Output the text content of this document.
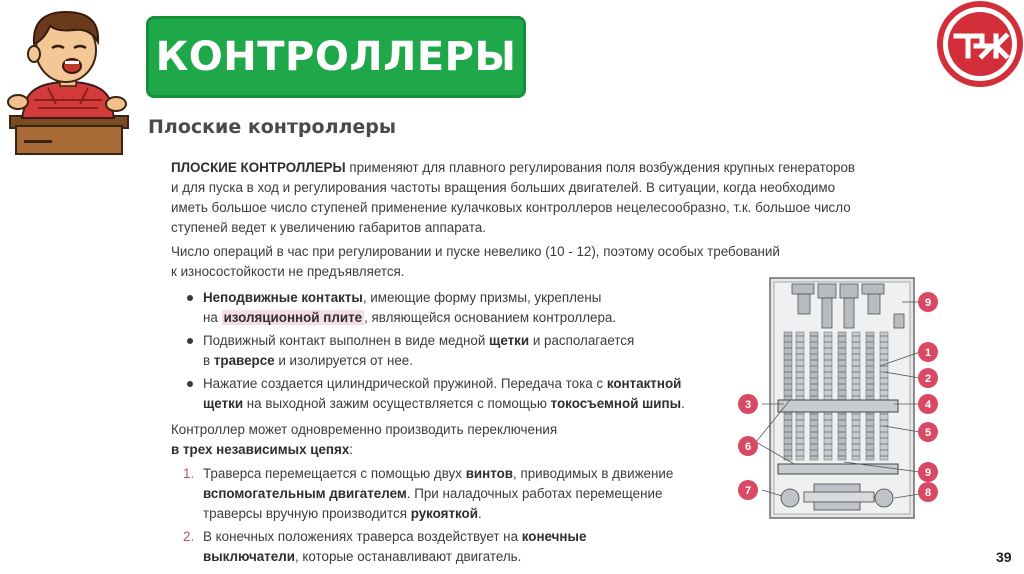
КОНТРОЛЛЕРЫ
Плоские контроллеры
ПЛОСКИЕ КОНТРОЛЛЕРЫ применяют для плавного регулирования поля возбуждения крупных генераторов
и для пуска в ход и регулирования частоты вращения больших двигателей. В ситуации, когда необходимо
иметь большое число ступеней применение кулачковых контроллеров нецелесообразно, т.к. большое число
ступеней ведет к увеличению габаритов аппарата.
Число операций в час при регулировании и пуске невелико (10 - 12), поэтому особых требований
к износостойкости не предъявляется.
Неподвижные контакты, имеющие форму призмы, укреплены
на изоляционной плите , являющейся основанием контроллера.
Подвижный контакт выполнен в виде медной щетки и располагается
в траверсе и изолируется от нее.
Нажатие создается цилиндрической пружиной. Передача тока с контактной
щетки на выходной зажим осуществляется с помощью токосъемной шипы.
Контроллер может одновременно производить переключения
в трех независимых цепях:
1. Траверса перемещается с помощью двух винтов, приводимых в движение
вспомогательным двигателем. При наладочных работах перемещение
траверсы вручную производится рукояткой.
2. В конечных положениях траверса воздействует на конечные
выключатели, которые останавливают двигатель.
9
1
2
3	4
5
6
9
7	8
39
